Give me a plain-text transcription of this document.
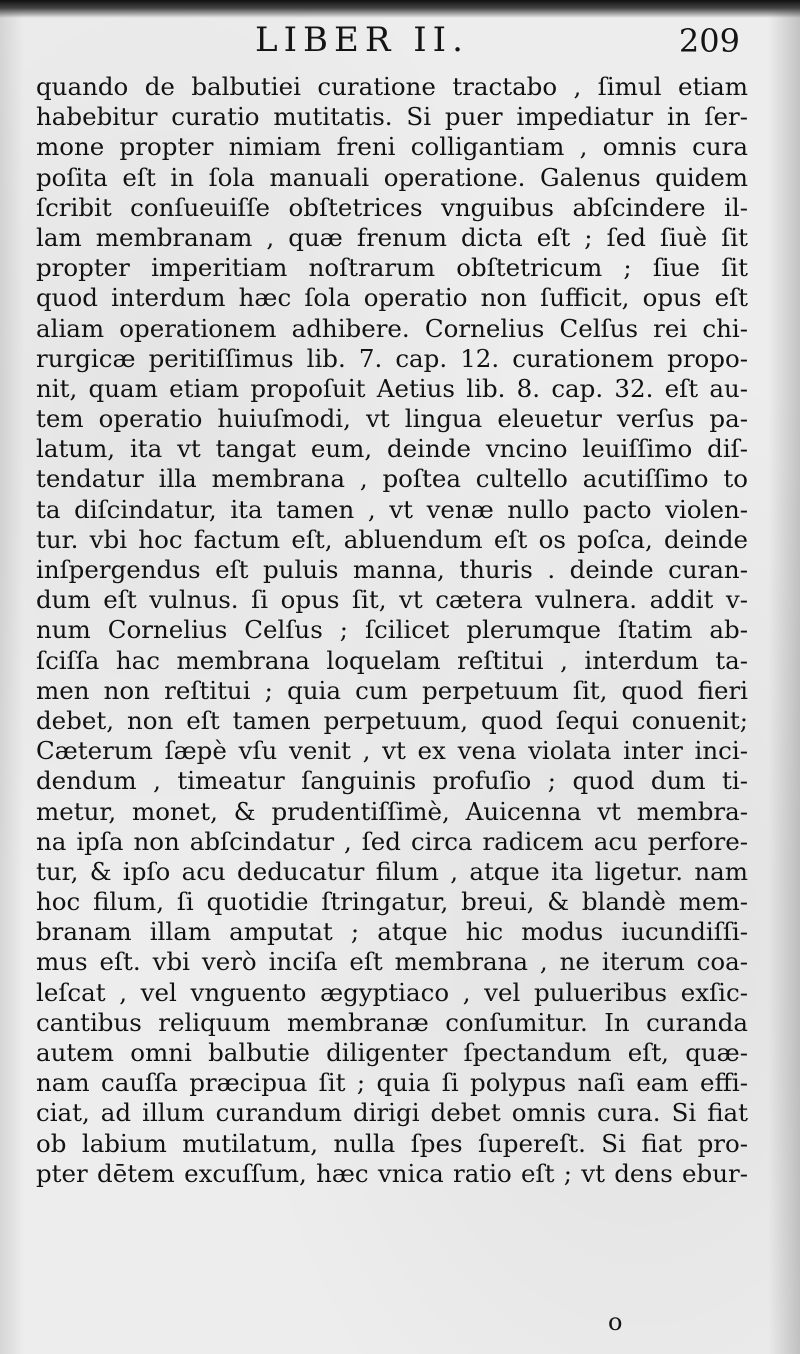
LIBER II.	209
quando de balbutiei curatione tractabo , ſimul etiam
habebitur curatio mutitatis. Si puer impediatur in ſer-
mone propter nimiam freni colligantiam , omnis cura
poſita eſt in ſola manuali operatione. Galenus quidem
ſcribit conſueuiſſe obſtetrices vnguibus abſcindere il-
lam membranam , quæ frenum dicta eſt ; ſed ſiuè ſit
propter imperitiam noſtrarum obſtetricum ; ſiue ſit
quod interdum hæc ſola operatio non ſufficit, opus eſt
aliam operationem adhibere. Cornelius Celſus rei chi-
rurgicæ peritiſſimus lib. 7. cap. 12. curationem propo-
nit, quam etiam propoſuit Aetius lib. 8. cap. 32. eſt au-
tem operatio huiuſmodi, vt lingua eleuetur verſus pa-
latum, ita vt tangat eum, deinde vncino leuiſſimo diſ-
tendatur illa membrana , poſtea cultello acutiſſimo to
ta diſcindatur, ita tamen , vt venæ nullo pacto violen-
tur. vbi hoc factum eſt, abluendum eſt os poſca, deinde
inſpergendus eſt puluis manna, thuris . deinde curan-
dum eſt vulnus. ſi opus ſit, vt cætera vulnera. addit v-
num Cornelius Celſus ; ſcilicet plerumque ſtatim ab-
ſciſſa hac membrana loquelam reſtitui , interdum ta-
men non reſtitui ; quia cum perpetuum ſit, quod fieri
debet, non eſt tamen perpetuum, quod ſequi conuenit;
Cæterum ſæpè vſu venit , vt ex vena violata inter inci-
dendum , timeatur ſanguinis profuſio ; quod dum ti-
metur, monet, & prudentiſſimè, Auicenna vt membra-
na ipſa non abſcindatur , ſed circa radicem acu perfore-
tur, & ipſo acu deducatur filum , atque ita ligetur. nam
hoc filum, ſi quotidie ſtringatur, breui, & blandè mem-
branam illam amputat ; atque hic modus iucundiſſi-
mus eſt. vbi verò inciſa eſt membrana , ne iterum coa-
leſcat , vel vnguento ægyptiaco , vel pulueribus exſic-
cantibus reliquum membranæ conſumitur. In curanda
autem omni balbutie diligenter ſpectandum eſt, quæ-
nam cauſſa præcipua ſit ; quia ſi polypus naſi eam effi-
ciat, ad illum curandum dirigi debet omnis cura. Si fiat
ob labium mutilatum, nulla ſpes ſupereſt. Si fiat pro-
pter dētem excuſſum, hæc vnica ratio eſt ; vt dens ebur-
o
